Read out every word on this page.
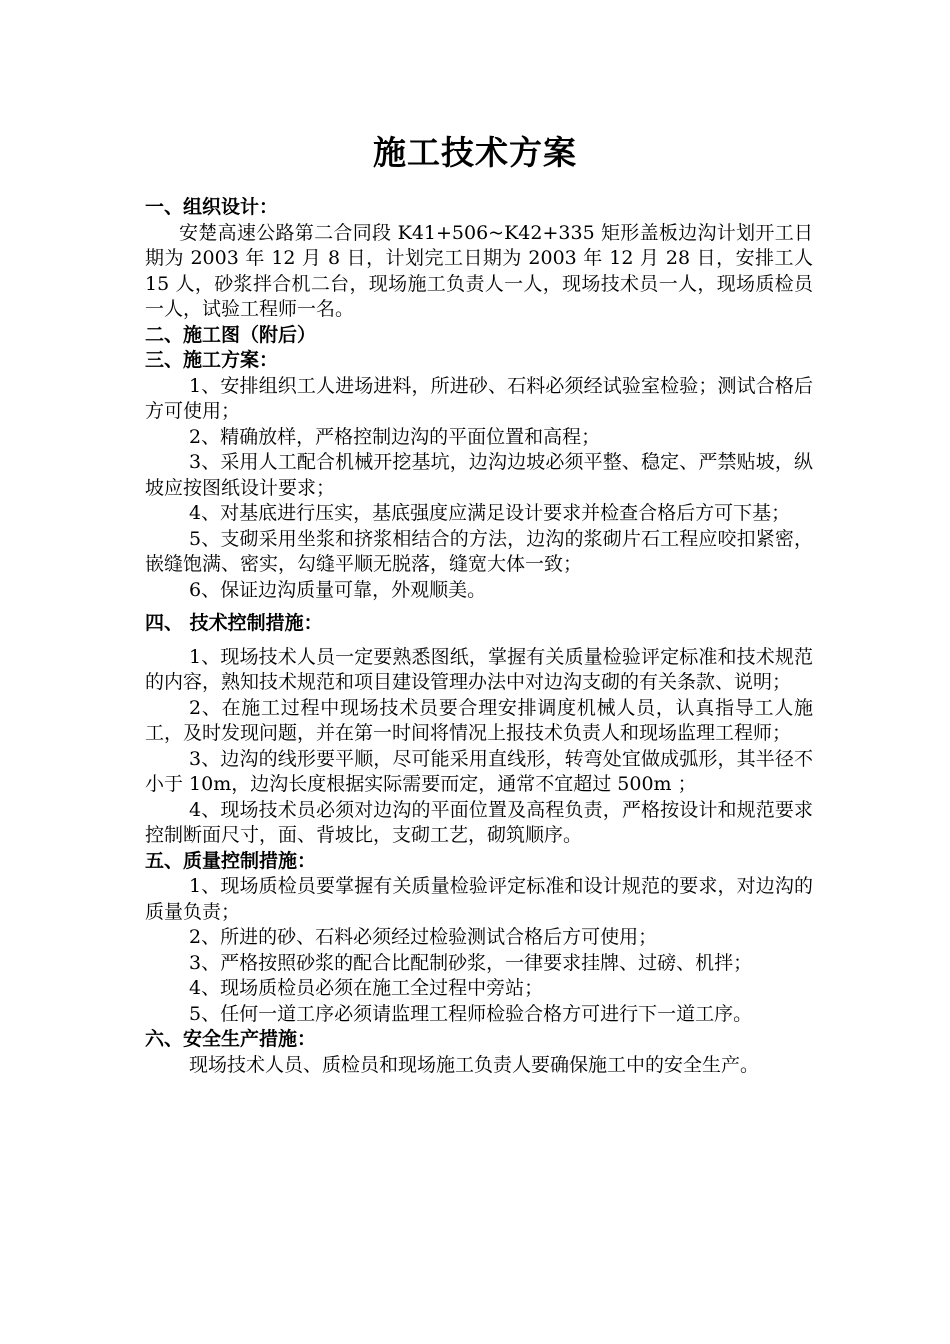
施工技术方案
一、组织设计：

安楚高速公路第二合同段 K41+506~K42+335 矩形盖板边沟计划开工日期为 2003 年 12 月 8 日，计划完工日期为 2003 年 12 月 28 日，安排工人 15 人，砂浆拌合机二台，现场施工负责人一人，现场技术员一人，现场质检员一人，试验工程师一名。

二、施工图（附后）
三、施工方案：

1、安排组织工人进场进料，所进砂、石料必须经试验室检验；测试合格后方可使用；

2、精确放样，严格控制边沟的平面位置和高程；

3、采用人工配合机械开挖基坑，边沟边坡必须平整、稳定、严禁贴坡，纵坡应按图纸设计要求；

4、对基底进行压实，基底强度应满足设计要求并检查合格后方可下基；

5、支砌采用坐浆和挤浆相结合的方法，边沟的浆砌片石工程应咬扣紧密，嵌缝饱满、密实，勾缝平顺无脱落，缝宽大体一致；

6、保证边沟质量可靠，外观顺美。

四、 技术控制措施：

1、现场技术人员一定要熟悉图纸，掌握有关质量检验评定标准和技术规范的内容，熟知技术规范和项目建设管理办法中对边沟支砌的有关条款、说明；

2、在施工过程中现场技术员要合理安排调度机械人员，认真指导工人施工，及时发现问题，并在第一时间将情况上报技术负责人和现场监理工程师；

3、边沟的线形要平顺，尽可能采用直线形，转弯处宜做成弧形，其半径不小于 10m，边沟长度根据实际需要而定，通常不宜超过 500m ；

4、现场技术员必须对边沟的平面位置及高程负责，严格按设计和规范要求控制断面尺寸，面、背坡比，支砌工艺，砌筑顺序。

五、质量控制措施：

1、现场质检员要掌握有关质量检验评定标准和设计规范的要求，对边沟的质量负责；

2、所进的砂、石料必须经过检验测试合格后方可使用；

3、严格按照砂浆的配合比配制砂浆，一律要求挂牌、过磅、机拌；

4、现场质检员必须在施工全过程中旁站；

5、任何一道工序必须请监理工程师检验合格方可进行下一道工序。

六、安全生产措施：

现场技术人员、质检员和现场施工负责人要确保施工中的安全生产。
